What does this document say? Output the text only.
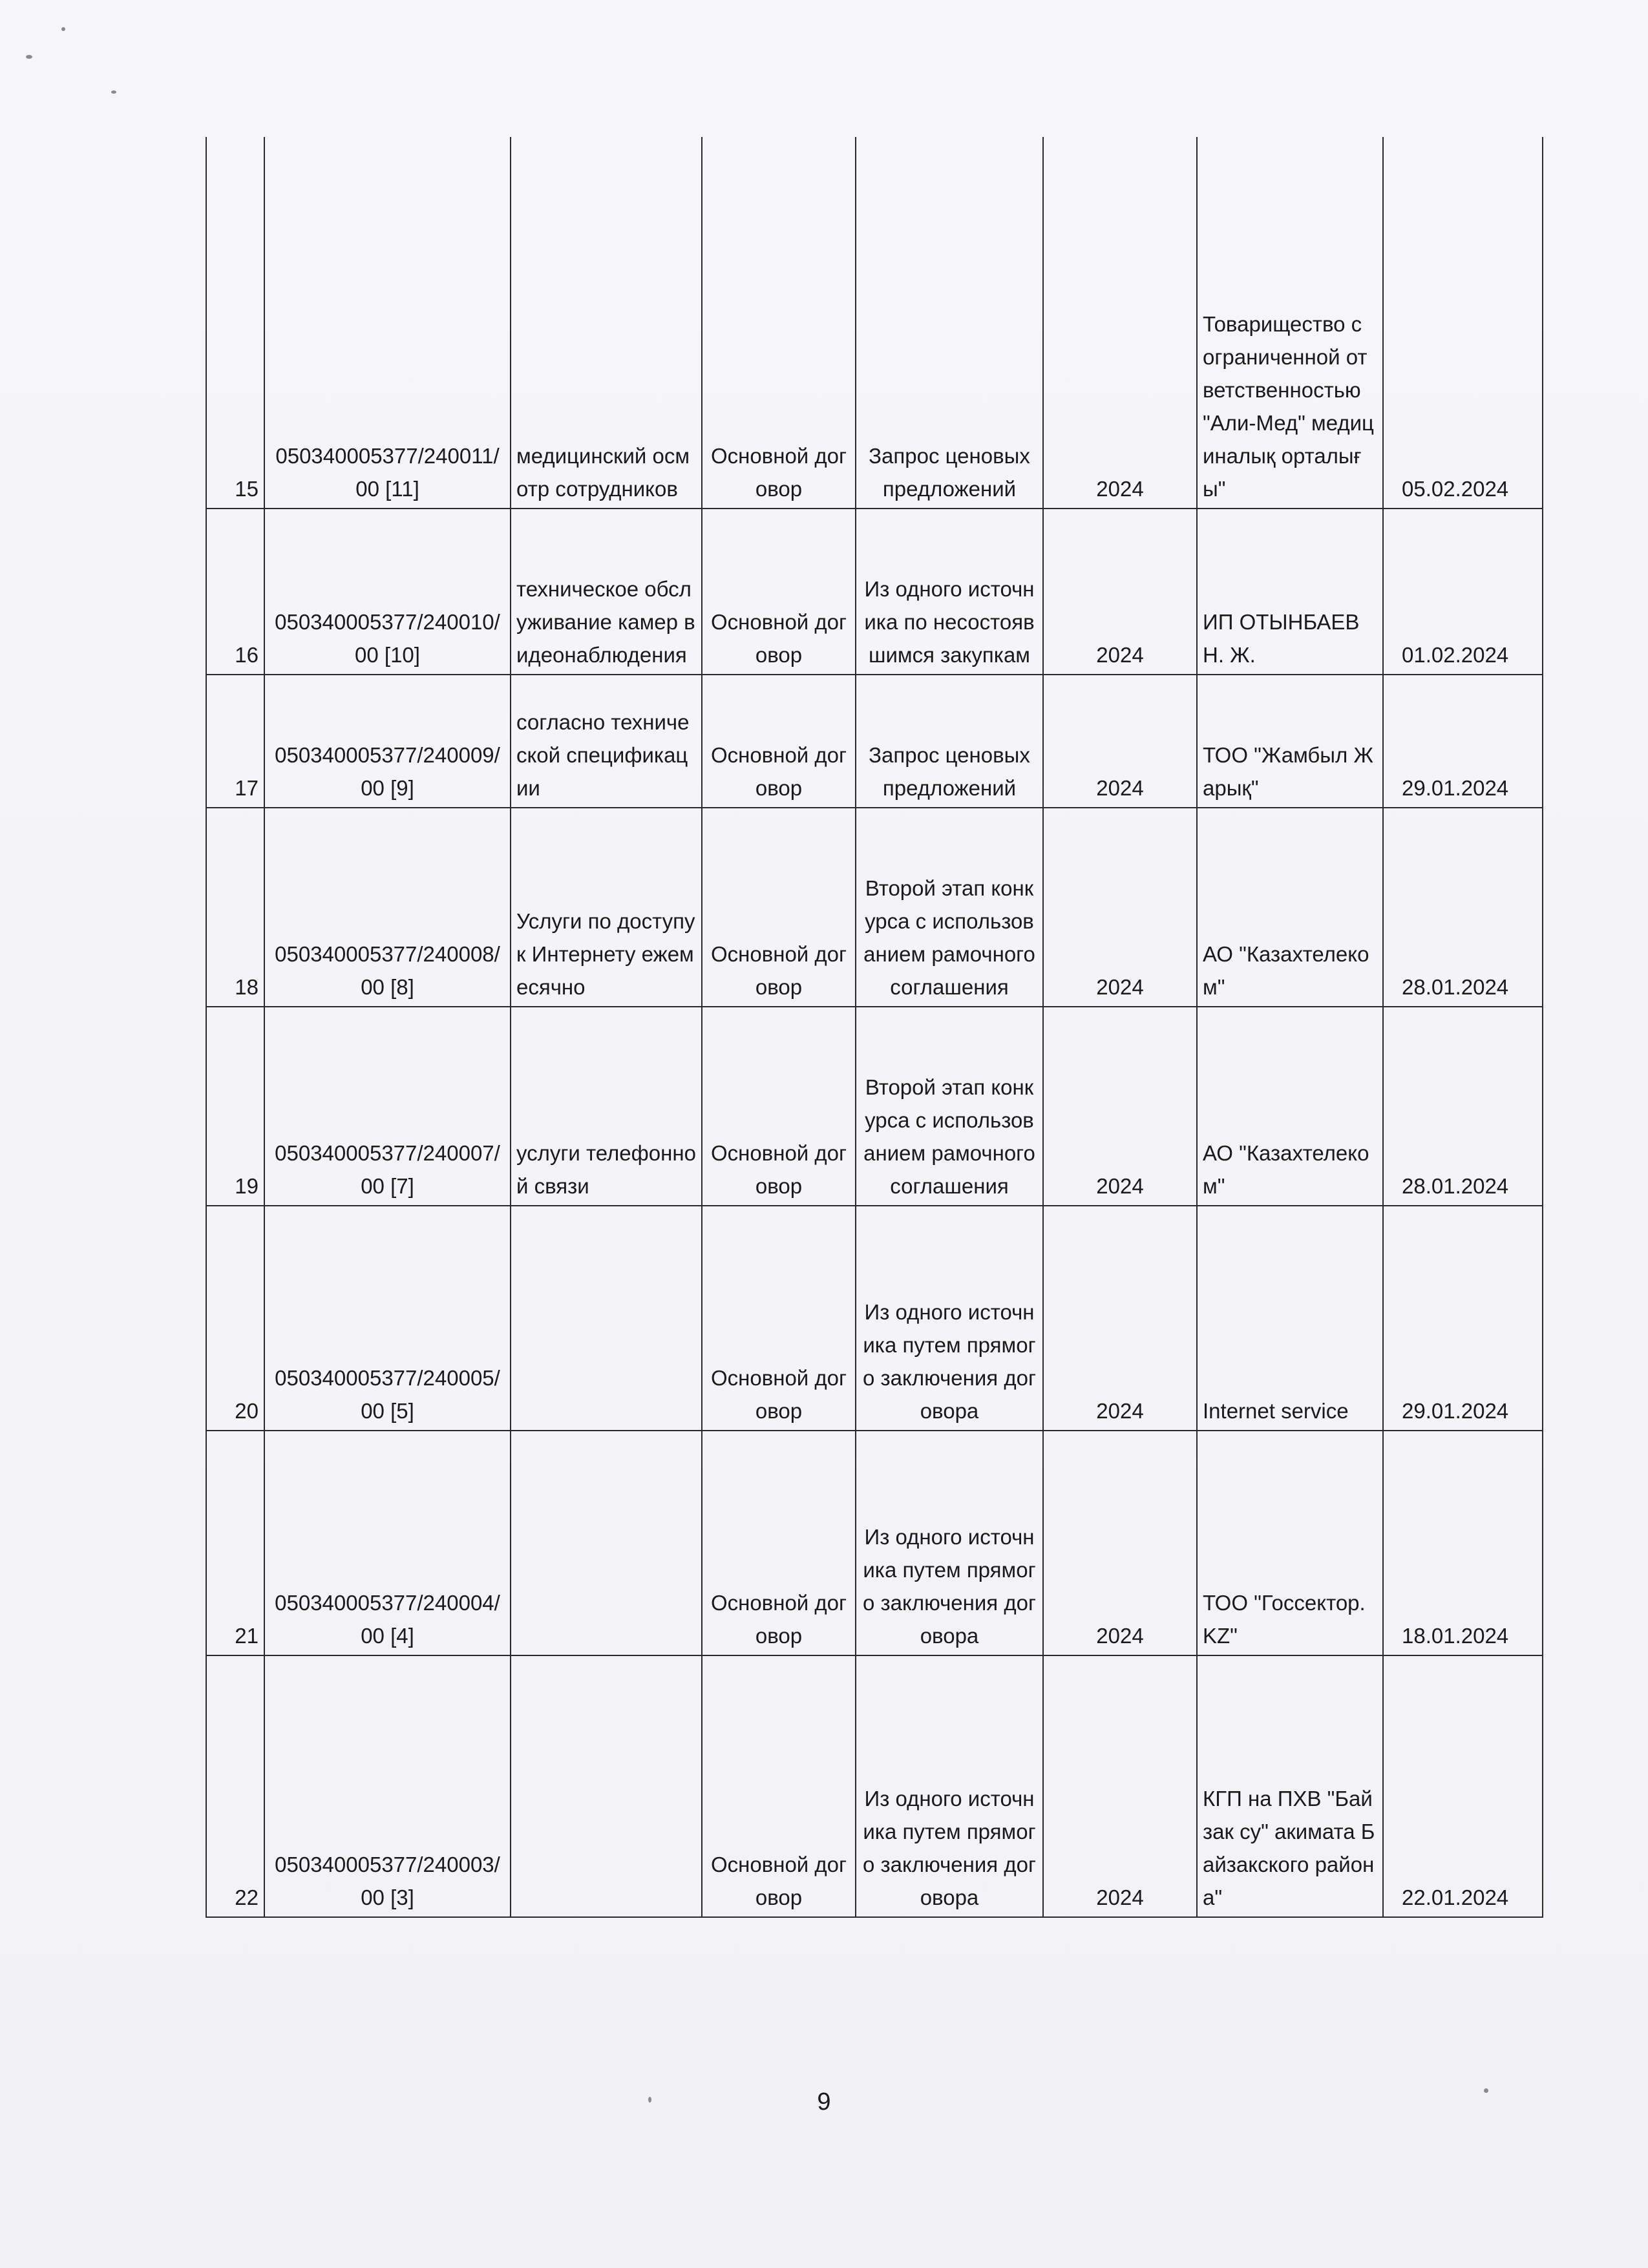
15	050340005377/240011/00 [11]	медицинский осмотр сотрудников	Основной договор	Запрос ценовых предложений	2024	Товарищество с ограниченной ответственностью "Али-Мед" медициналық орталығы"	05.02.2024
16	050340005377/240010/00 [10]	техническое обслуживание камер видеонаблюдения	Основной договор	Из одного источника по несостоявшимся закупкам	2024	ИП ОТЫНБАЕВ Н. Ж.	01.02.2024
17	050340005377/240009/00 [9]	согласно технической спецификации	Основной договор	Запрос ценовых предложений	2024	ТОО "Жамбыл Жарық"	29.01.2024
18	050340005377/240008/00 [8]	Услуги по доступу к Интернету ежемесячно	Основной договор	Второй этап конкурса с использованием рамочного соглашения	2024	АО "Казахтелеком"	28.01.2024
19	050340005377/240007/00 [7]	услуги телефонной связи	Основной договор	Второй этап конкурса с использованием рамочного соглашения	2024	АО "Казахтелеком"	28.01.2024
20	050340005377/240005/00 [5]		Основной договор	Из одного источника путем прямого заключения договора	2024	Internet service	29.01.2024
21	050340005377/240004/00 [4]		Основной договор	Из одного источника путем прямого заключения договора	2024	ТОО "Госсектор.KZ"	18.01.2024
22	050340005377/240003/00 [3]		Основной договор	Из одного источника путем прямого заключения договора	2024	КГП на ПХВ "Байзак су" акимата Байзакского района"	22.01.2024
9
